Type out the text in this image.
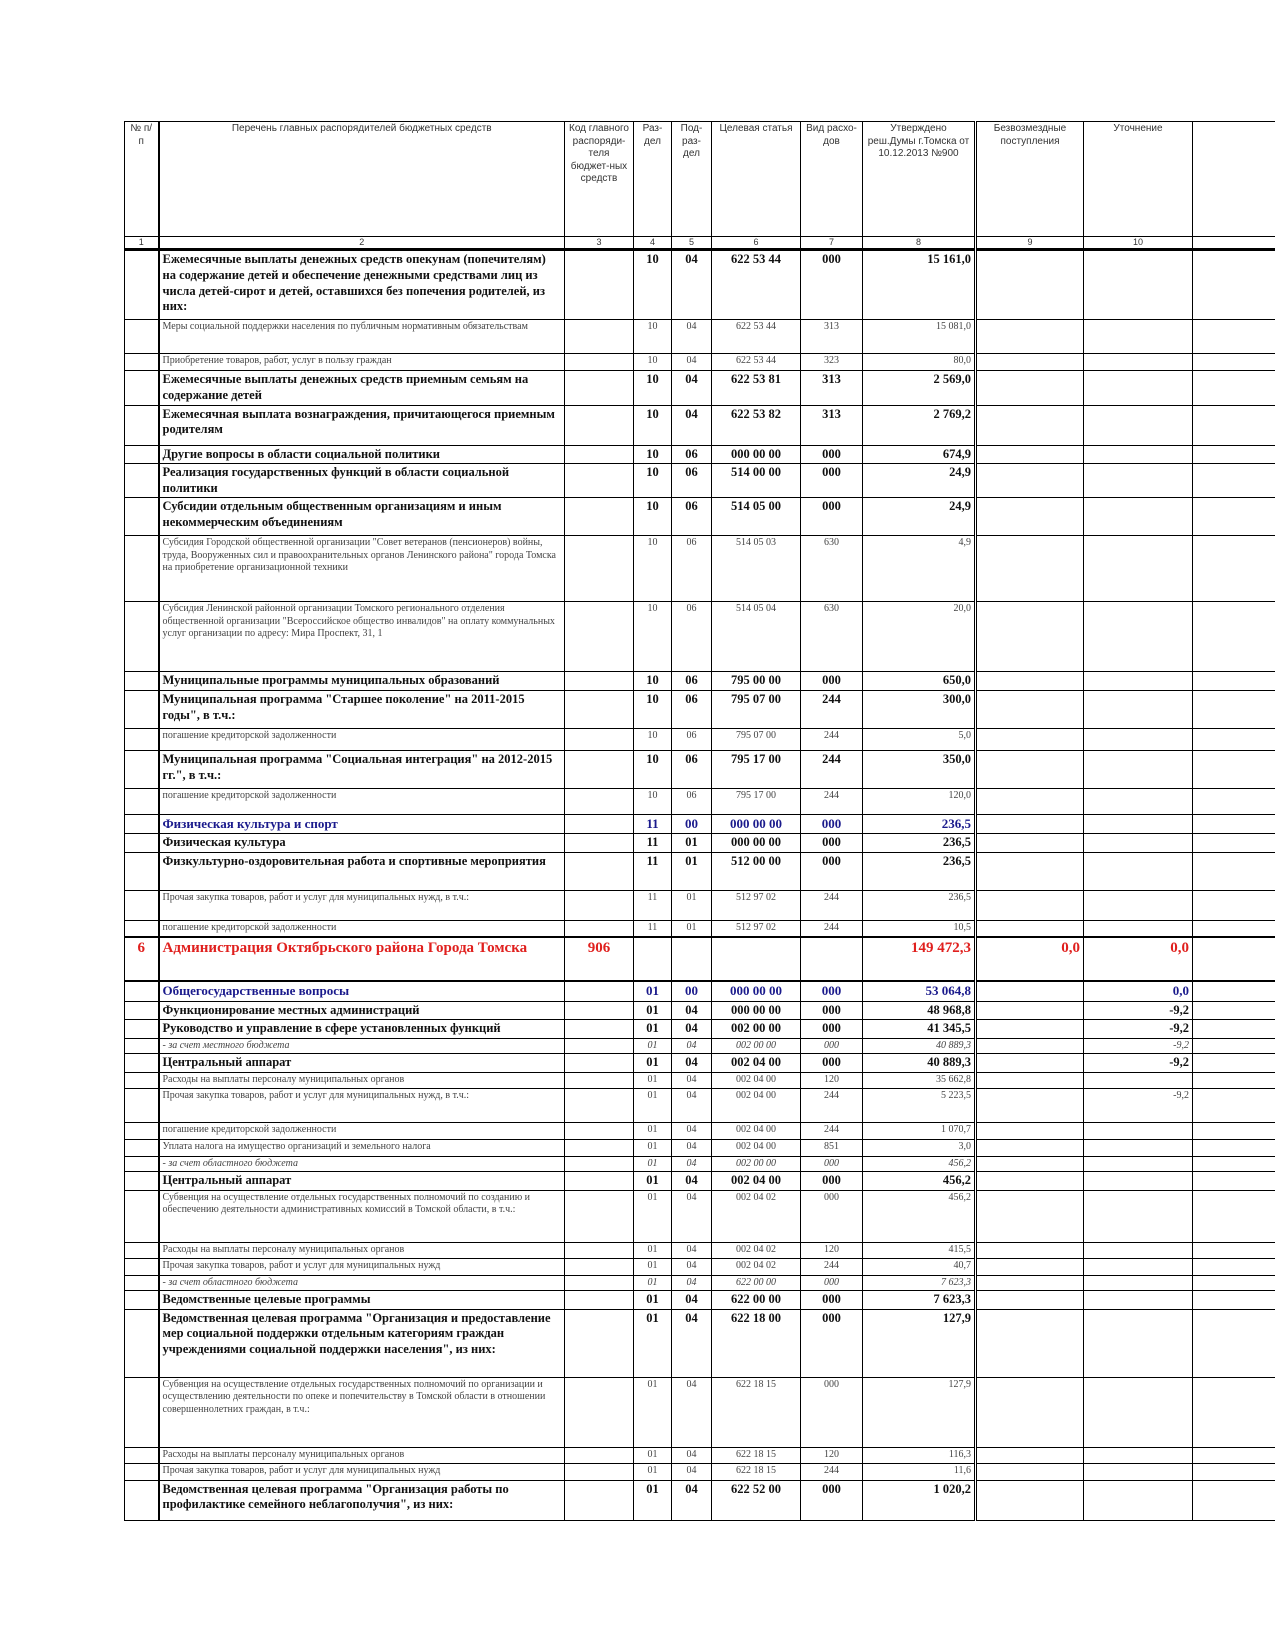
№ п/п	Перечень главных распорядителей бюджетных средств	Код главного распоряди-теля бюджет-ных средств	Раз-дел	Под-раз-дел	Целевая статья	Вид расхо-дов	Утверждено реш.Думы г.Томска от 10.12.2013 №900	Безвозмездные поступления	Уточнение	
1	2	3	4	5	6	7	8	9	10	
	Ежемесячные выплаты денежных средств опекунам (попечителям) на содержание детей и обеспечение денежными средствами лиц из числа детей-сирот и детей, оставшихся без попечения родителей, из них:		10	04	622 53 44	000	15 161,0			
	Меры социальной поддержки населения по публичным нормативным обязательствам		10	04	622 53 44	313	15 081,0			
	Приобретение товаров, работ, услуг в пользу граждан		10	04	622 53 44	323	80,0			
	Ежемесячные выплаты денежных средств приемным семьям на содержание детей		10	04	622 53 81	313	2 569,0			
	Ежемесячная выплата вознаграждения, причитающегося приемным родителям		10	04	622 53 82	313	2 769,2			
	Другие вопросы в области социальной политики		10	06	000 00 00	000	674,9			
	Реализация государственных функций в области социальной политики		10	06	514 00 00	000	24,9			
	Субсидии отдельным общественным организациям и иным некоммерческим объединениям		10	06	514 05 00	000	24,9			
	Субсидия Городской общественной организации "Совет ветеранов (пенсионеров) войны, труда, Вооруженных сил и правоохранительных органов Ленинского района" города Томска на приобретение организационной техники		10	06	514 05 03	630	4,9			
	Субсидия Ленинской районной организации Томского регионального отделения общественной организации "Всероссийское общество инвалидов" на оплату коммунальных услуг организации по адресу: Мира Проспект, 31, 1		10	06	514 05 04	630	20,0			
	Муниципальные программы муниципальных образований		10	06	795 00 00	000	650,0			
	Муниципальная программа "Старшее поколение" на 2011-2015 годы", в т.ч.:		10	06	795 07 00	244	300,0			
	погашение кредиторской задолженности		10	06	795 07 00	244	5,0			
	Муниципальная программа "Социальная интеграция" на 2012-2015 гг.", в т.ч.:		10	06	795 17 00	244	350,0			
	погашение кредиторской задолженности		10	06	795 17 00	244	120,0			
	Физическая культура и спорт		11	00	000 00 00	000	236,5			
	Физическая культура		11	01	000 00 00	000	236,5			
	Физкультурно-оздоровительная работа и спортивные мероприятия		11	01	512 00 00	000	236,5			
	Прочая закупка товаров, работ и услуг для муниципальных нужд, в т.ч.:		11	01	512 97 02	244	236,5			
	погашение кредиторской задолженности		11	01	512 97 02	244	10,5			
6	Администрация Октябрьского района Города Томска	906					149 472,3	0,0	0,0	
	Общегосударственные вопросы		01	00	000 00 00	000	53 064,8		0,0	
	Функционирование местных администраций		01	04	000 00 00	000	48 968,8		-9,2	
	Руководство и управление в сфере установленных функций		01	04	002 00 00	000	41 345,5		-9,2	
	- за счет местного бюджета		01	04	002 00 00	000	40 889,3		-9,2	
	Центральный аппарат		01	04	002 04 00	000	40 889,3		-9,2	
	Расходы на выплаты персоналу муниципальных органов		01	04	002 04 00	120	35 662,8			
	Прочая закупка товаров, работ и услуг для муниципальных нужд, в т.ч.:		01	04	002 04 00	244	5 223,5		-9,2	
	погашение кредиторской задолженности		01	04	002 04 00	244	1 070,7			
	Уплата налога на имущество организаций и земельного налога		01	04	002 04 00	851	3,0			
	- за счет областного бюджета		01	04	002 00 00	000	456,2			
	Центральный аппарат		01	04	002 04 00	000	456,2			
	Субвенция на осуществление отдельных государственных полномочий по созданию и обеспечению деятельности административных комиссий в Томской области, в т.ч.:		01	04	002 04 02	000	456,2			
	Расходы на выплаты персоналу муниципальных органов		01	04	002 04 02	120	415,5			
	Прочая закупка товаров, работ и услуг для муниципальных нужд		01	04	002 04 02	244	40,7			
	- за счет областного бюджета		01	04	622 00 00	000	7 623,3			
	Ведомственные целевые программы		01	04	622 00 00	000	7 623,3			
	Ведомственная целевая программа "Организация и предоставление мер социальной поддержки отдельным категориям граждан учреждениями социальной поддержки населения", из них:		01	04	622 18 00	000	127,9			
	Субвенция на осуществление отдельных государственных полномочий по организации и осуществлению деятельности по опеке и попечительству в Томской области в отношении совершеннолетних граждан, в т.ч.:		01	04	622 18 15	000	127,9			
	Расходы на выплаты персоналу муниципальных органов		01	04	622 18 15	120	116,3			
	Прочая закупка товаров, работ и услуг для муниципальных нужд		01	04	622 18 15	244	11,6			
	Ведомственная целевая программа "Организация работы по профилактике семейного неблагополучия", из них:		01	04	622 52 00	000	1 020,2			
